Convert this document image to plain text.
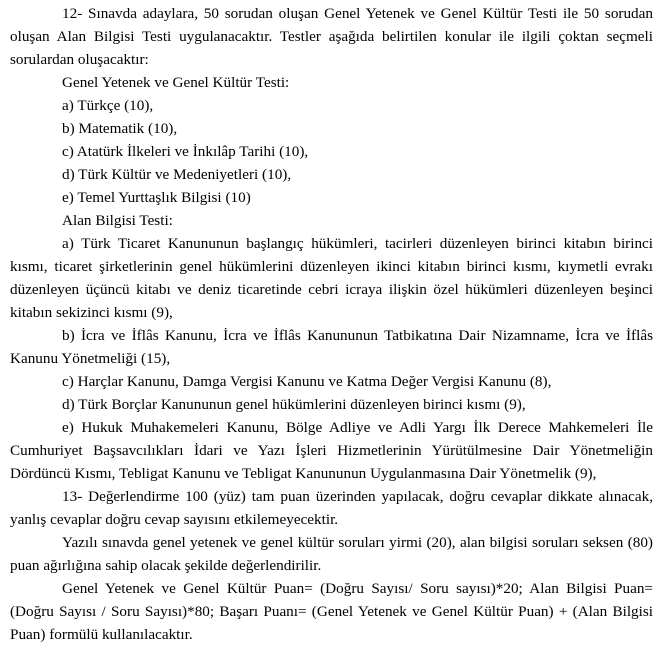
12- Sınavda adaylara, 50 sorudan oluşan Genel Yetenek ve Genel Kültür Testi ile 50 sorudan oluşan Alan Bilgisi Testi uygulanacaktır. Testler aşağıda belirtilen konular ile ilgili çoktan seçmeli sorulardan oluşacaktır:

Genel Yetenek ve Genel Kültür Testi:

a) Türkçe (10),

b) Matematik (10),

c) Atatürk İlkeleri ve İnkılâp Tarihi (10),

d) Türk Kültür ve Medeniyetleri (10),

e) Temel Yurttaşlık Bilgisi (10)

Alan Bilgisi Testi:

a) Türk Ticaret Kanununun başlangıç hükümleri, tacirleri düzenleyen birinci kitabın birinci kısmı, ticaret şirketlerinin genel hükümlerini düzenleyen ikinci kitabın birinci kısmı, kıymetli evrakı düzenleyen üçüncü kitabı ve deniz ticaretinde cebri icraya ilişkin özel hükümleri düzenleyen beşinci kitabın sekizinci kısmı (9),

b) İcra ve İflâs Kanunu, İcra ve İflâs Kanununun Tatbikatına Dair Nizamname, İcra ve İflâs Kanunu Yönetmeliği (15),

c) Harçlar Kanunu, Damga Vergisi Kanunu ve Katma Değer Vergisi Kanunu (8),

d) Türk Borçlar Kanununun genel hükümlerini düzenleyen birinci kısmı (9),

e) Hukuk Muhakemeleri Kanunu, Bölge Adliye ve Adli Yargı İlk Derece Mahkemeleri İle Cumhuriyet Başsavcılıkları İdari ve Yazı İşleri Hizmetlerinin Yürütülmesine Dair Yönetmeliğin Dördüncü Kısmı, Tebligat Kanunu ve Tebligat Kanununun Uygulanmasına Dair Yönetmelik (9),

13- Değerlendirme 100 (yüz) tam puan üzerinden yapılacak, doğru cevaplar dikkate alınacak, yanlış cevaplar doğru cevap sayısını etkilemeyecektir.

Yazılı sınavda genel yetenek ve genel kültür soruları yirmi (20), alan bilgisi soruları seksen (80) puan ağırlığına sahip olacak şekilde değerlendirilir.

Genel Yetenek ve Genel Kültür Puan= (Doğru Sayısı/ Soru sayısı)*20; Alan Bilgisi Puan=(Doğru Sayısı / Soru Sayısı)*80; Başarı Puanı= (Genel Yetenek ve Genel Kültür Puan) + (Alan Bilgisi Puan) formülü kullanılacaktır.
